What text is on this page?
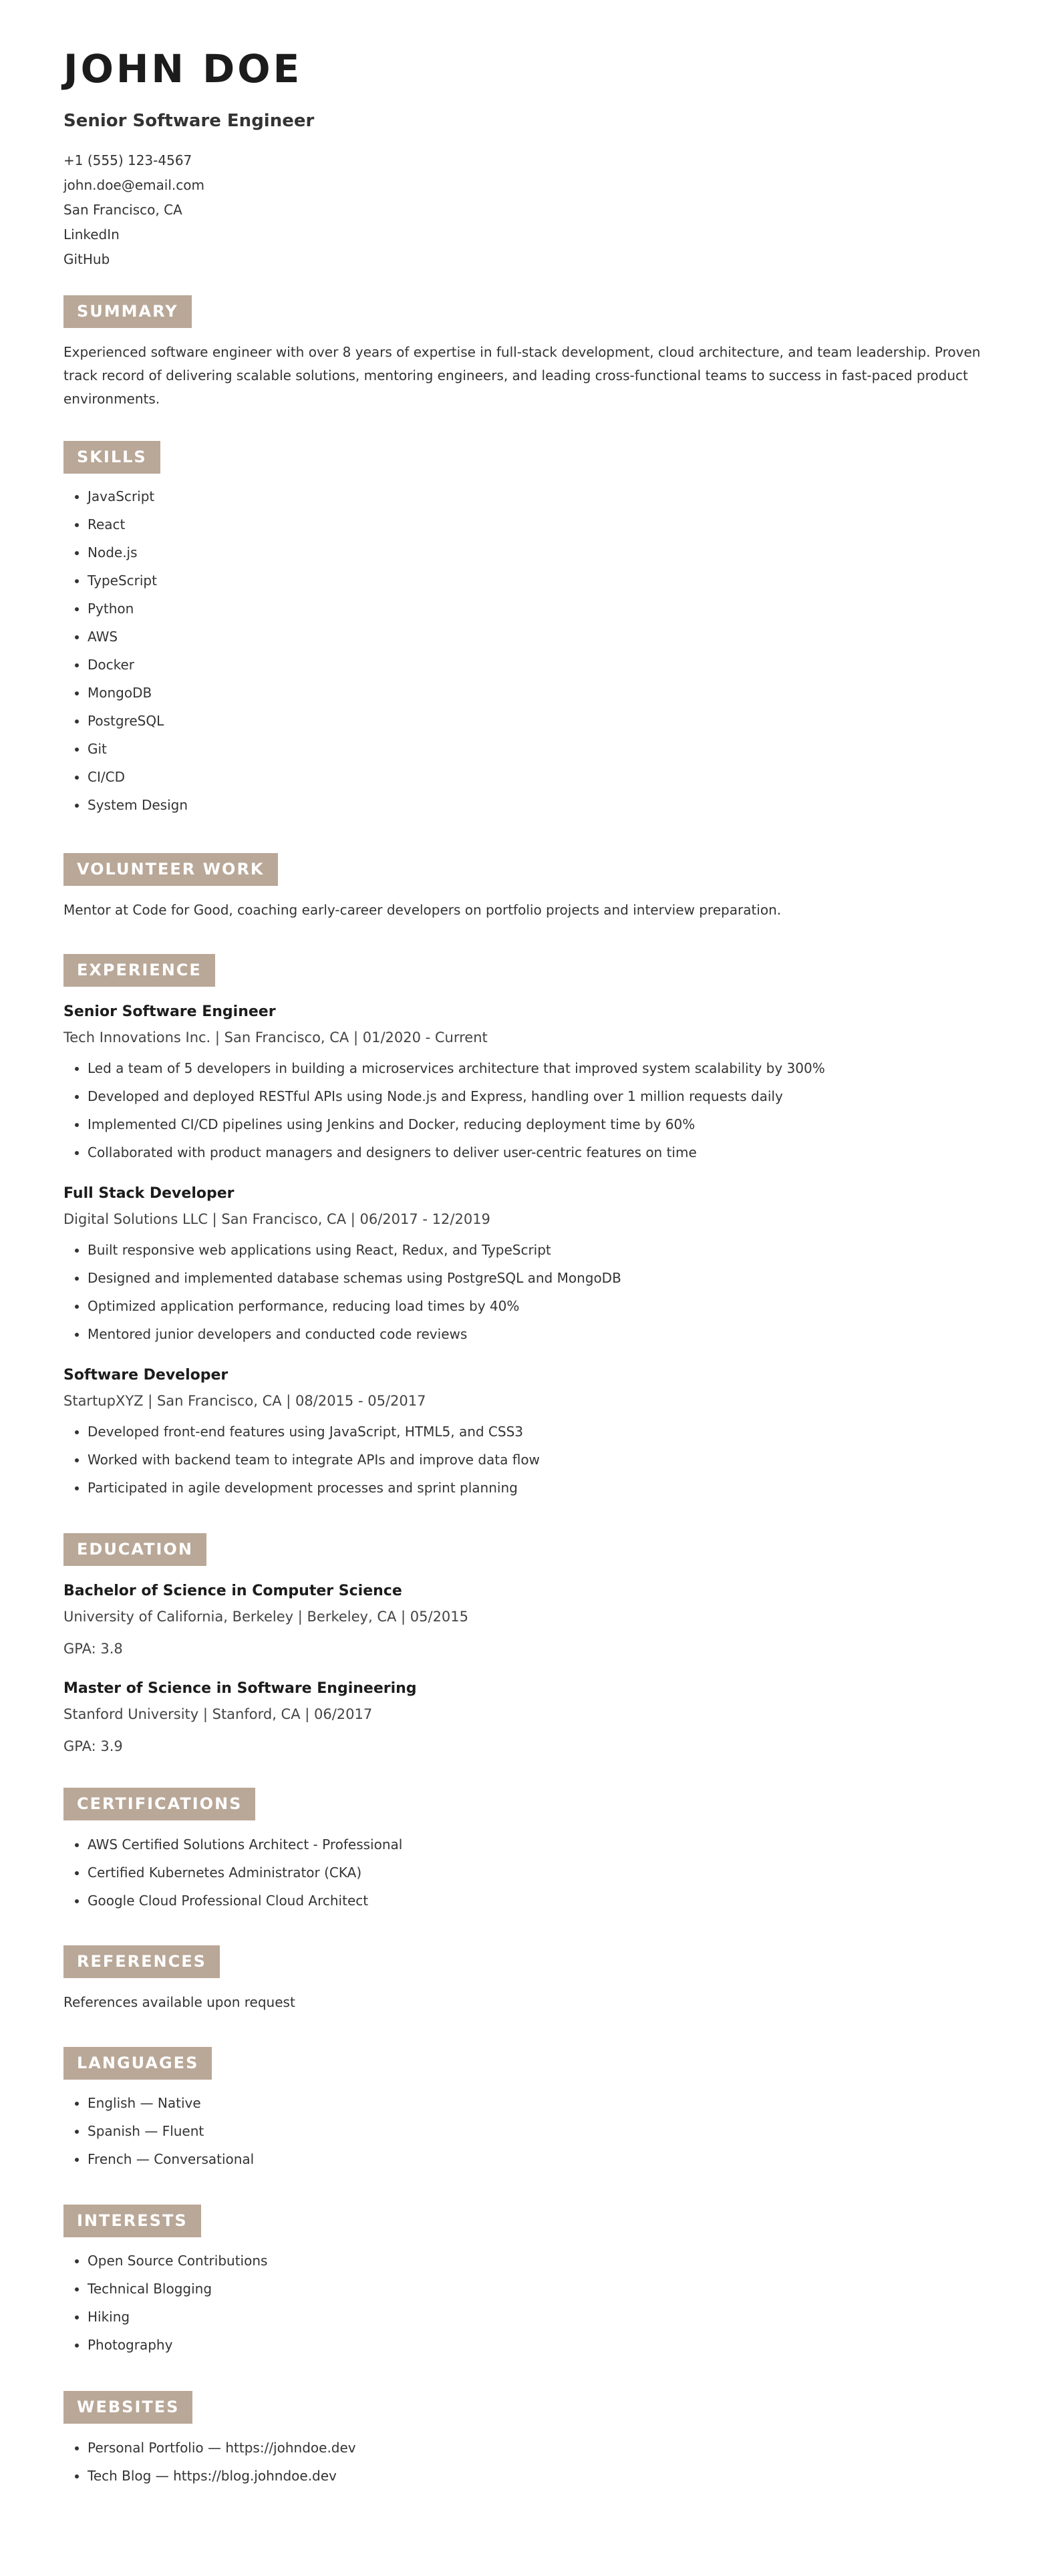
JOHN DOE
Senior Software Engineer
+1 (555) 123-4567
john.doe@email.com
San Francisco, CA
LinkedIn
GitHub
SUMMARY

Experienced software engineer with over 8 years of expertise in full-stack development, cloud architecture, and team leadership. Proven track record of delivering scalable solutions, mentoring engineers, and leading cross-functional teams to success in fast-paced product environments.

SKILLS
• JavaScript
• React
• Node.js
• TypeScript
• Python
• AWS
• Docker
• MongoDB
• PostgreSQL
• Git
• CI/CD
• System Design
VOLUNTEER WORK

Mentor at Code for Good, coaching early-career developers on portfolio projects and interview preparation.

EXPERIENCE
Senior Software Engineer
Tech Innovations Inc. | San Francisco, CA | 01/2020 - Current
• Led a team of 5 developers in building a microservices architecture that improved system scalability by 300%
• Developed and deployed RESTful APIs using Node.js and Express, handling over 1 million requests daily
• Implemented CI/CD pipelines using Jenkins and Docker, reducing deployment time by 60%
• Collaborated with product managers and designers to deliver user-centric features on time
Full Stack Developer
Digital Solutions LLC | San Francisco, CA | 06/2017 - 12/2019
• Built responsive web applications using React, Redux, and TypeScript
• Designed and implemented database schemas using PostgreSQL and MongoDB
• Optimized application performance, reducing load times by 40%
• Mentored junior developers and conducted code reviews
Software Developer
StartupXYZ | San Francisco, CA | 08/2015 - 05/2017
• Developed front-end features using JavaScript, HTML5, and CSS3
• Worked with backend team to integrate APIs and improve data flow
• Participated in agile development processes and sprint planning
EDUCATION
Bachelor of Science in Computer Science
University of California, Berkeley | Berkeley, CA | 05/2015
GPA: 3.8
Master of Science in Software Engineering
Stanford University | Stanford, CA | 06/2017
GPA: 3.9
CERTIFICATIONS
• AWS Certified Solutions Architect - Professional
• Certified Kubernetes Administrator (CKA)
• Google Cloud Professional Cloud Architect
REFERENCES

References available upon request

LANGUAGES
• English — Native
• Spanish — Fluent
• French — Conversational
INTERESTS
• Open Source Contributions
• Technical Blogging
• Hiking
• Photography
WEBSITES
• Personal Portfolio — https://johndoe.dev
• Tech Blog — https://blog.johndoe.dev
